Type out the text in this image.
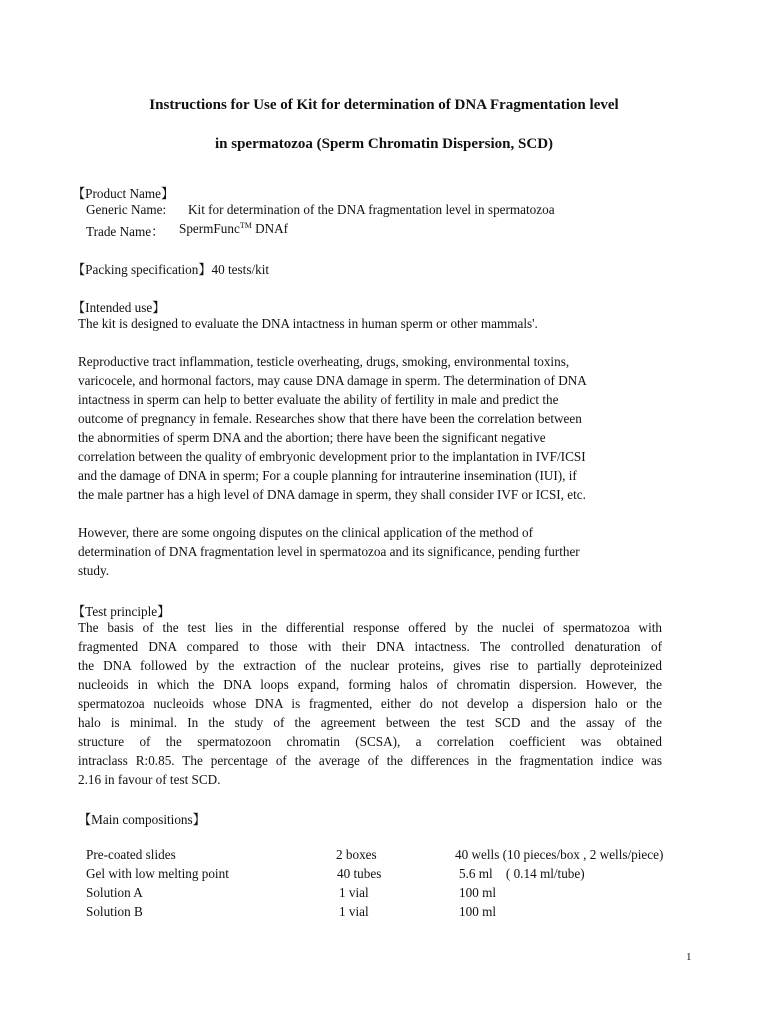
Instructions for Use of Kit for determination of DNA Fragmentation level
in spermatozoa (Sperm Chromatin Dispersion, SCD)
【Product Name】
Generic Name: Kit for determination of the DNA fragmentation level in spermatozoa
Trade Name： SpermFunc™ DNAf
【Packing specification】40 tests/kit
【Intended use】
The kit is designed to evaluate the DNA intactness in human sperm or other mammals'.
Reproductive tract inflammation, testicle overheating, drugs, smoking, environmental toxins,
varicocele, and hormonal factors, may cause DNA damage in sperm. The determination of DNA
intactness in sperm can help to better evaluate the ability of fertility in male and predict the
outcome of pregnancy in female. Researches show that there have been the correlation between
the abnormities of sperm DNA and the abortion; there have been the significant negative
correlation between the quality of embryonic development prior to the implantation in IVF/ICSI
and the damage of DNA in sperm; For a couple planning for intrauterine insemination (IUI), if
the male partner has a high level of DNA damage in sperm, they shall consider IVF or ICSI, etc.
However, there are some ongoing disputes on the clinical application of the method of
determination of DNA fragmentation level in spermatozoa and its significance, pending further
study.
【Test principle】
The basis of the test lies in the differential response offered by the nuclei of spermatozoa with
fragmented DNA compared to those with their DNA intactness. The controlled denaturation of
the DNA followed by the extraction of the nuclear proteins, gives rise to partially deproteinized
nucleoids in which the DNA loops expand, forming halos of chromatin dispersion. However, the
spermatozoa nucleoids whose DNA is fragmented, either do not develop a dispersion halo or the
halo is minimal. In the study of the agreement between the test SCD and the assay of the
structure of the spermatozoon chromatin (SCSA), a correlation coefficient was obtained
intraclass R:0.85. The percentage of the average of the differences in the fragmentation indice was
2.16 in favour of test SCD.
【Main compositions】
Pre-coated slides	2 boxes	40 wells (10 pieces/box , 2 wells/piece)
Gel with low melting point	40 tubes	5.6 ml    ( 0.14 ml/tube)
Solution A	1 vial	100 ml
Solution B	1 vial	100 ml
1
